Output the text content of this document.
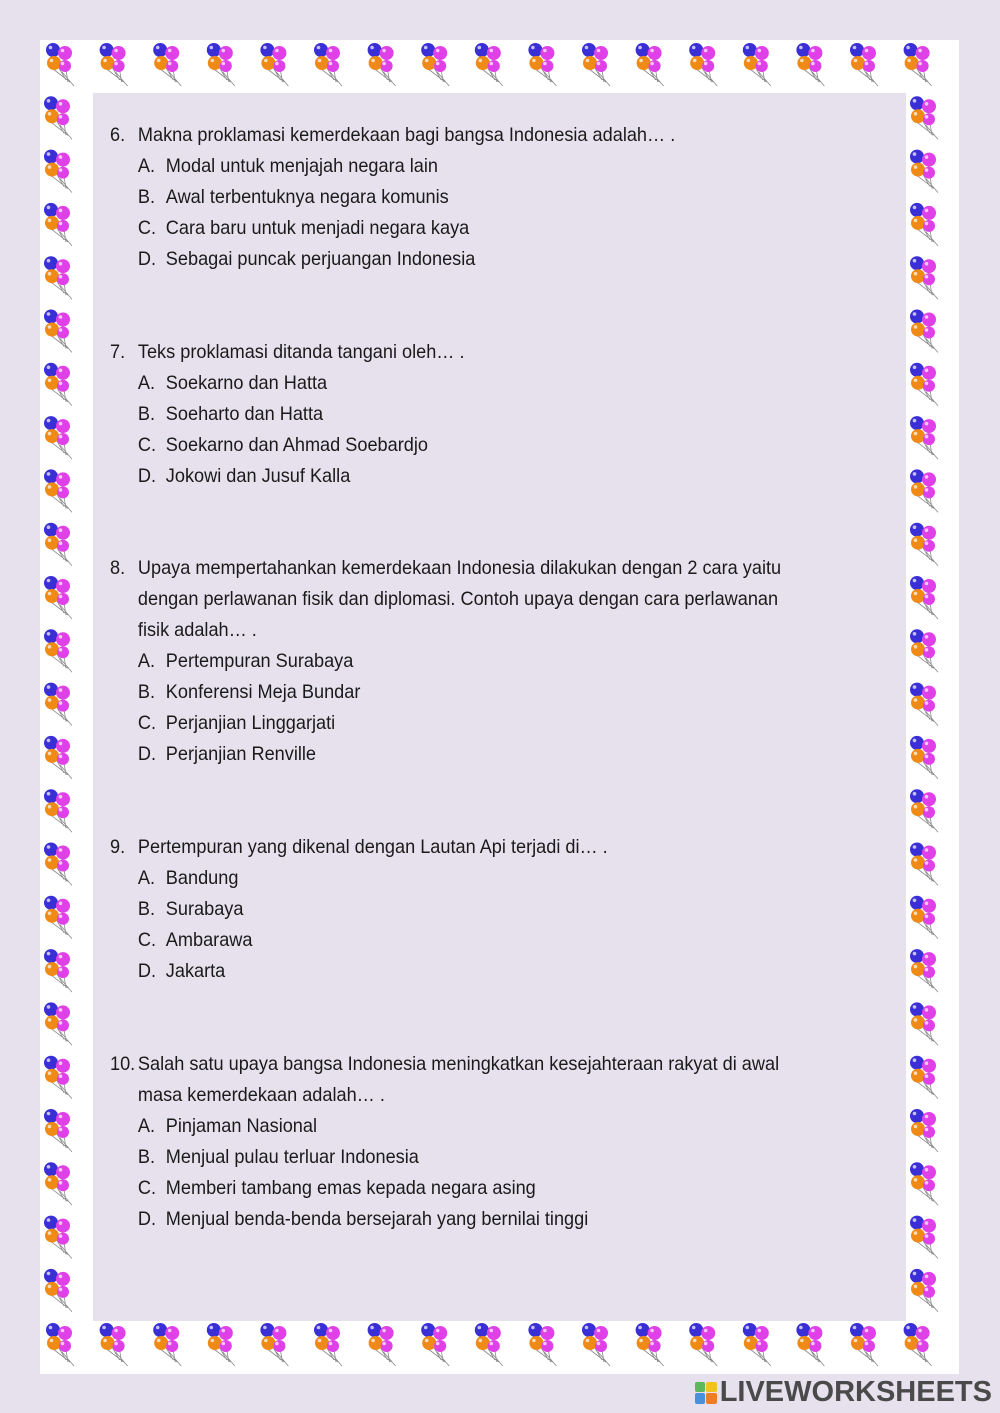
6. Makna proklamasi kemerdekaan bagi bangsa Indonesia adalah… .
A. Modal untuk menjajah negara lain
B. Awal terbentuknya negara komunis
C. Cara baru untuk menjadi negara kaya
D. Sebagai puncak perjuangan Indonesia
7. Teks proklamasi ditanda tangani oleh… .
A. Soekarno dan Hatta
B. Soeharto dan Hatta
C. Soekarno dan Ahmad Soebardjo
D. Jokowi dan Jusuf Kalla
8. Upaya mempertahankan kemerdekaan Indonesia dilakukan dengan 2 cara yaitu dengan perlawanan fisik dan diplomasi. Contoh upaya dengan cara perlawanan fisik adalah… .
A. Pertempuran Surabaya
B. Konferensi Meja Bundar
C. Perjanjian Linggarjati
D. Perjanjian Renville
9. Pertempuran yang dikenal dengan Lautan Api terjadi di… .
A. Bandung
B. Surabaya
C. Ambarawa
D. Jakarta
10. Salah satu upaya bangsa Indonesia meningkatkan kesejahteraan rakyat di awal masa kemerdekaan adalah… .
A. Pinjaman Nasional
B. Menjual pulau terluar Indonesia
C. Memberi tambang emas kepada negara asing
D. Menjual benda-benda bersejarah yang bernilai tinggi
LIVEWORKSHEETS
